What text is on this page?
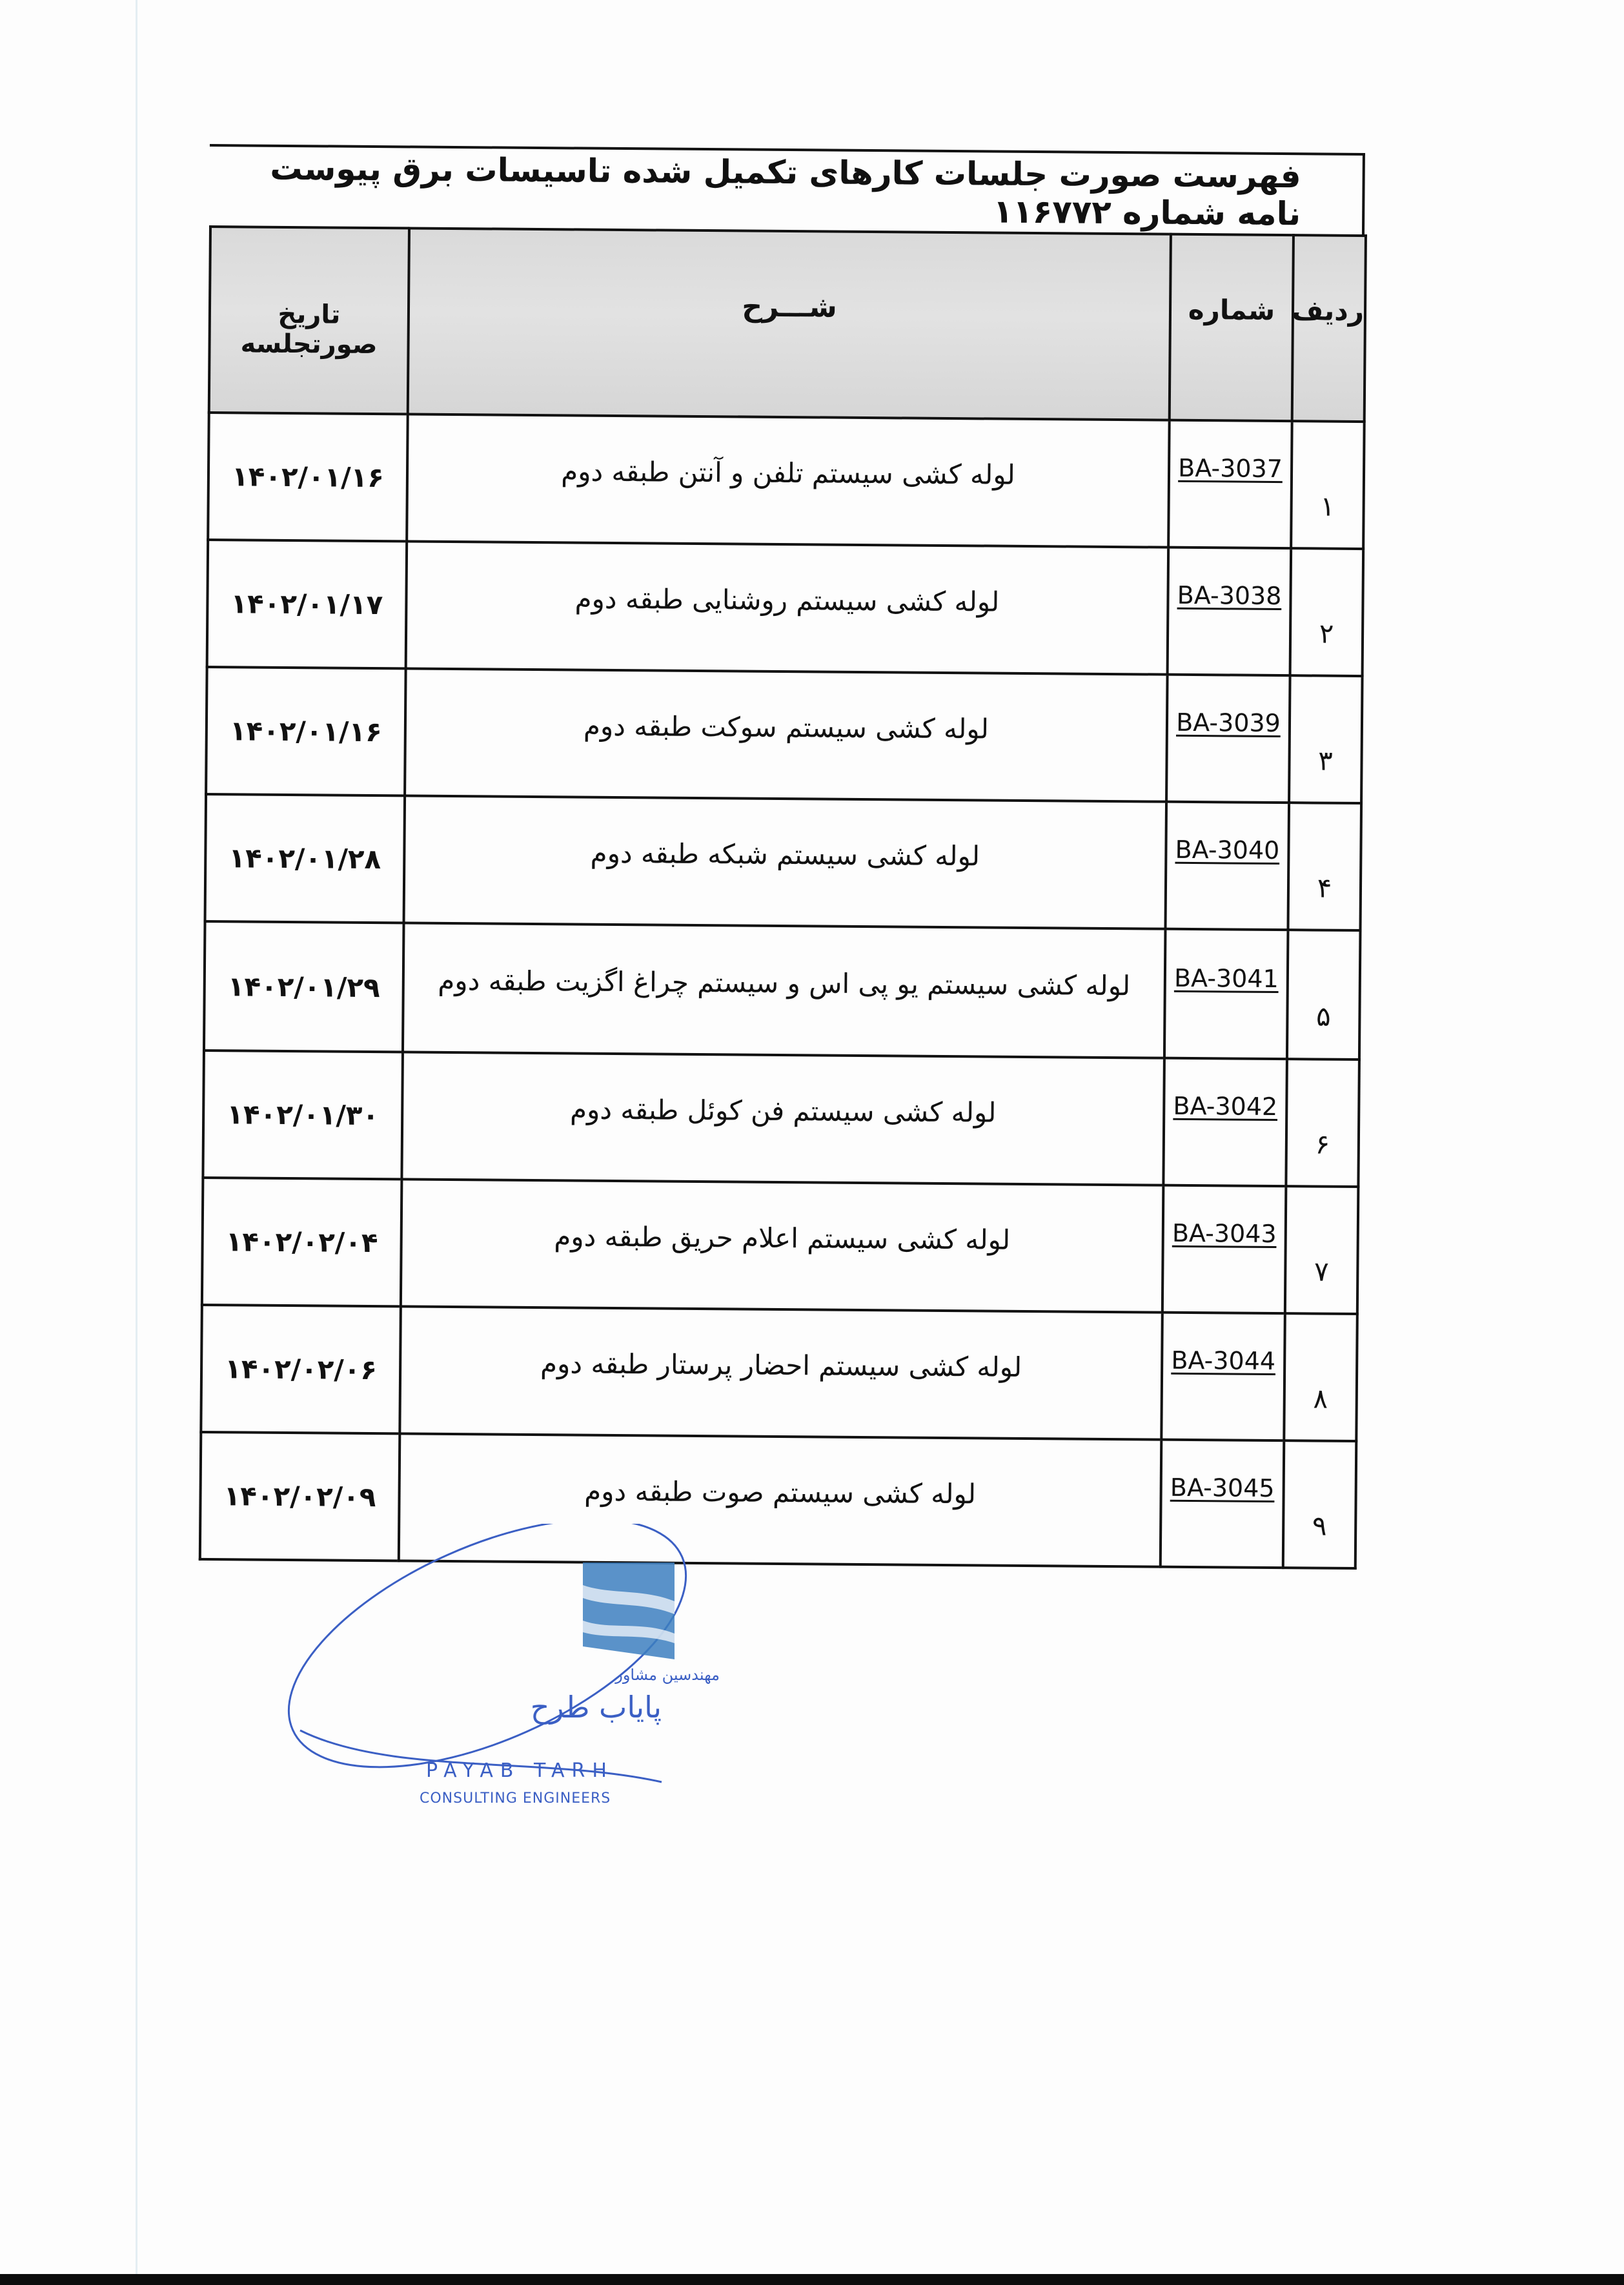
فهرست صورت جلسات کارهای تکمیل شده تاسیسات برق پیوست نامه شماره ۱۱۶۷۷۲
ردیف	شماره	شـــرح	تاریخ صورتجلسه
۱	BA-3037	لوله کشی سیستم تلفن و آنتن طبقه دوم	۱۴۰۲/۰۱/۱۶
۲	BA-3038	لوله کشی سیستم روشنایی طبقه دوم	۱۴۰۲/۰۱/۱۷
۳	BA-3039	لوله کشی سیستم سوکت طبقه دوم	۱۴۰۲/۰۱/۱۶
۴	BA-3040	لوله کشی سیستم شبکه طبقه دوم	۱۴۰۲/۰۱/۲۸
۵	BA-3041	لوله کشی سیستم یو پی اس و سیستم چراغ اگزیت طبقه دوم	۱۴۰۲/۰۱/۲۹
۶	BA-3042	لوله کشی سیستم فن کوئل طبقه دوم	۱۴۰۲/۰۱/۳۰
۷	BA-3043	لوله کشی سیستم اعلام حریق طبقه دوم	۱۴۰۲/۰۲/۰۴
۸	BA-3044	لوله کشی سیستم احضار پرستار طبقه دوم	۱۴۰۲/۰۲/۰۶
۹	BA-3045	لوله کشی سیستم صوت طبقه دوم	۱۴۰۲/۰۲/۰۹
مهندسین مشاور
پایاب طرح
PAYAB TARH
CONSULTING ENGINEERS
